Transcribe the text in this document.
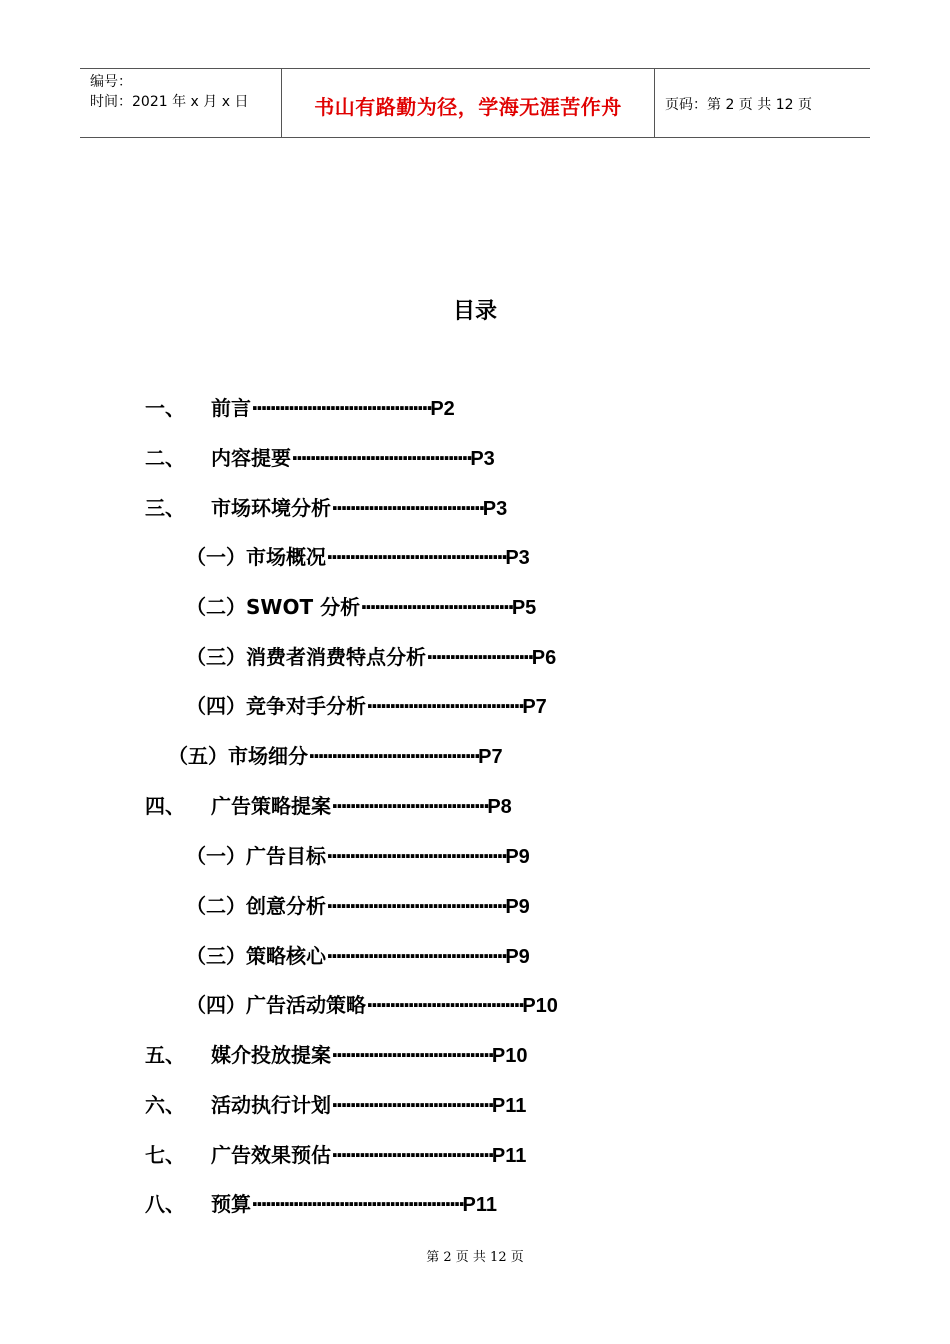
编号：
时间：2021 年 x 月 x 日	书山有路勤为径，学海无涯苦作舟	页码：第 2 页 共 12 页
目录
一、 前言·······································P2
二、 内容提要·······································P3
三、 市场环境分析·································P3
（一）市场概况·······································P3
（二）SWOT 分析·································P5
（三）消费者消费特点分析·······················P6
（四）竞争对手分析··································P7
（五）市场细分·····································P7
四、 广告策略提案··································P8
（一）广告目标·······································P9
（二）创意分析·······································P9
（三）策略核心·······································P9
（四）广告活动策略··································P10
五、 媒介投放提案···································P10
六、 活动执行计划···································P11
七、 广告效果预估···································P11
八、 预算··············································P11
第 2 页 共 12 页
